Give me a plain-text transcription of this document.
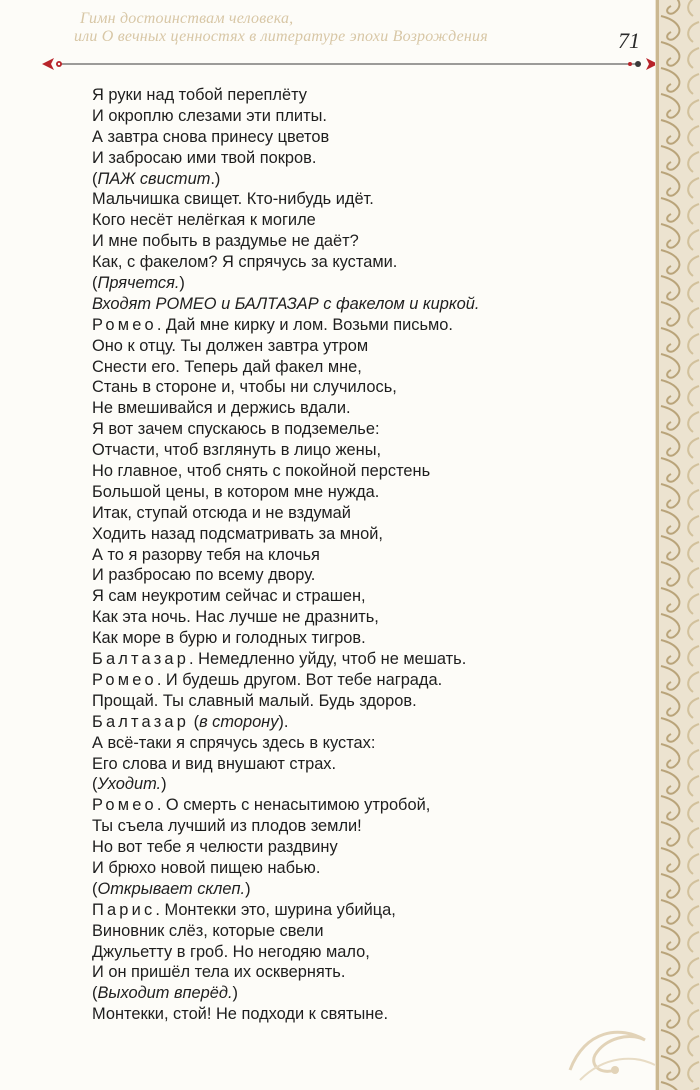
Гимн достоинствам человека,
или О вечных ценностях в литературе эпохи Возрождения	71
Я руки над тобой переплёту
И окроплю слезами эти плиты.
А завтра снова принесу цветов
И забросаю ими твой покров.
(ПАЖ свистит.)
Мальчишка свищет. Кто-нибудь идёт.
Кого несёт нелёгкая к могиле
И мне побыть в раздумье не даёт?
Как, с факелом? Я спрячусь за кустами.
(Прячется.)
Входят РОМЕО и БАЛТАЗАР с факелом и киркой.
Ромео. Дай мне кирку и лом. Возьми письмо.
Оно к отцу. Ты должен завтра утром
Снести его. Теперь дай факел мне,
Стань в стороне и, чтобы ни случилось,
Не вмешивайся и держись вдали.
Я вот зачем спускаюсь в подземелье:
Отчасти, чтоб взглянуть в лицо жены,
Но главное, чтоб снять с покойной перстень
Большой цены, в котором мне нужда.
Итак, ступай отсюда и не вздумай
Ходить назад подсматривать за мной,
А то я разорву тебя на клочья
И разбросаю по всему двору.
Я сам неукротим сейчас и страшен,
Как эта ночь. Нас лучше не дразнить,
Как море в бурю и голодных тигров.
Балтазар. Немедленно уйду, чтоб не мешать.
Ромео. И будешь другом. Вот тебе награда.
Прощай. Ты славный малый. Будь здоров.
Балтазар (в сторону).
А всё-таки я спрячусь здесь в кустах:
Его слова и вид внушают страх.
(Уходит.)
Ромео. О смерть с ненасытимою утробой,
Ты съела лучший из плодов земли!
Но вот тебе я челюсти раздвину
И брюхо новой пищею набью.
(Открывает склеп.)
Парис. Монтекки это, шурина убийца,
Виновник слёз, которые свели
Джульетту в гроб. Но негодяю мало,
И он пришёл тела их осквернять.
(Выходит вперёд.)
Монтекки, стой! Не подходи к святыне.
